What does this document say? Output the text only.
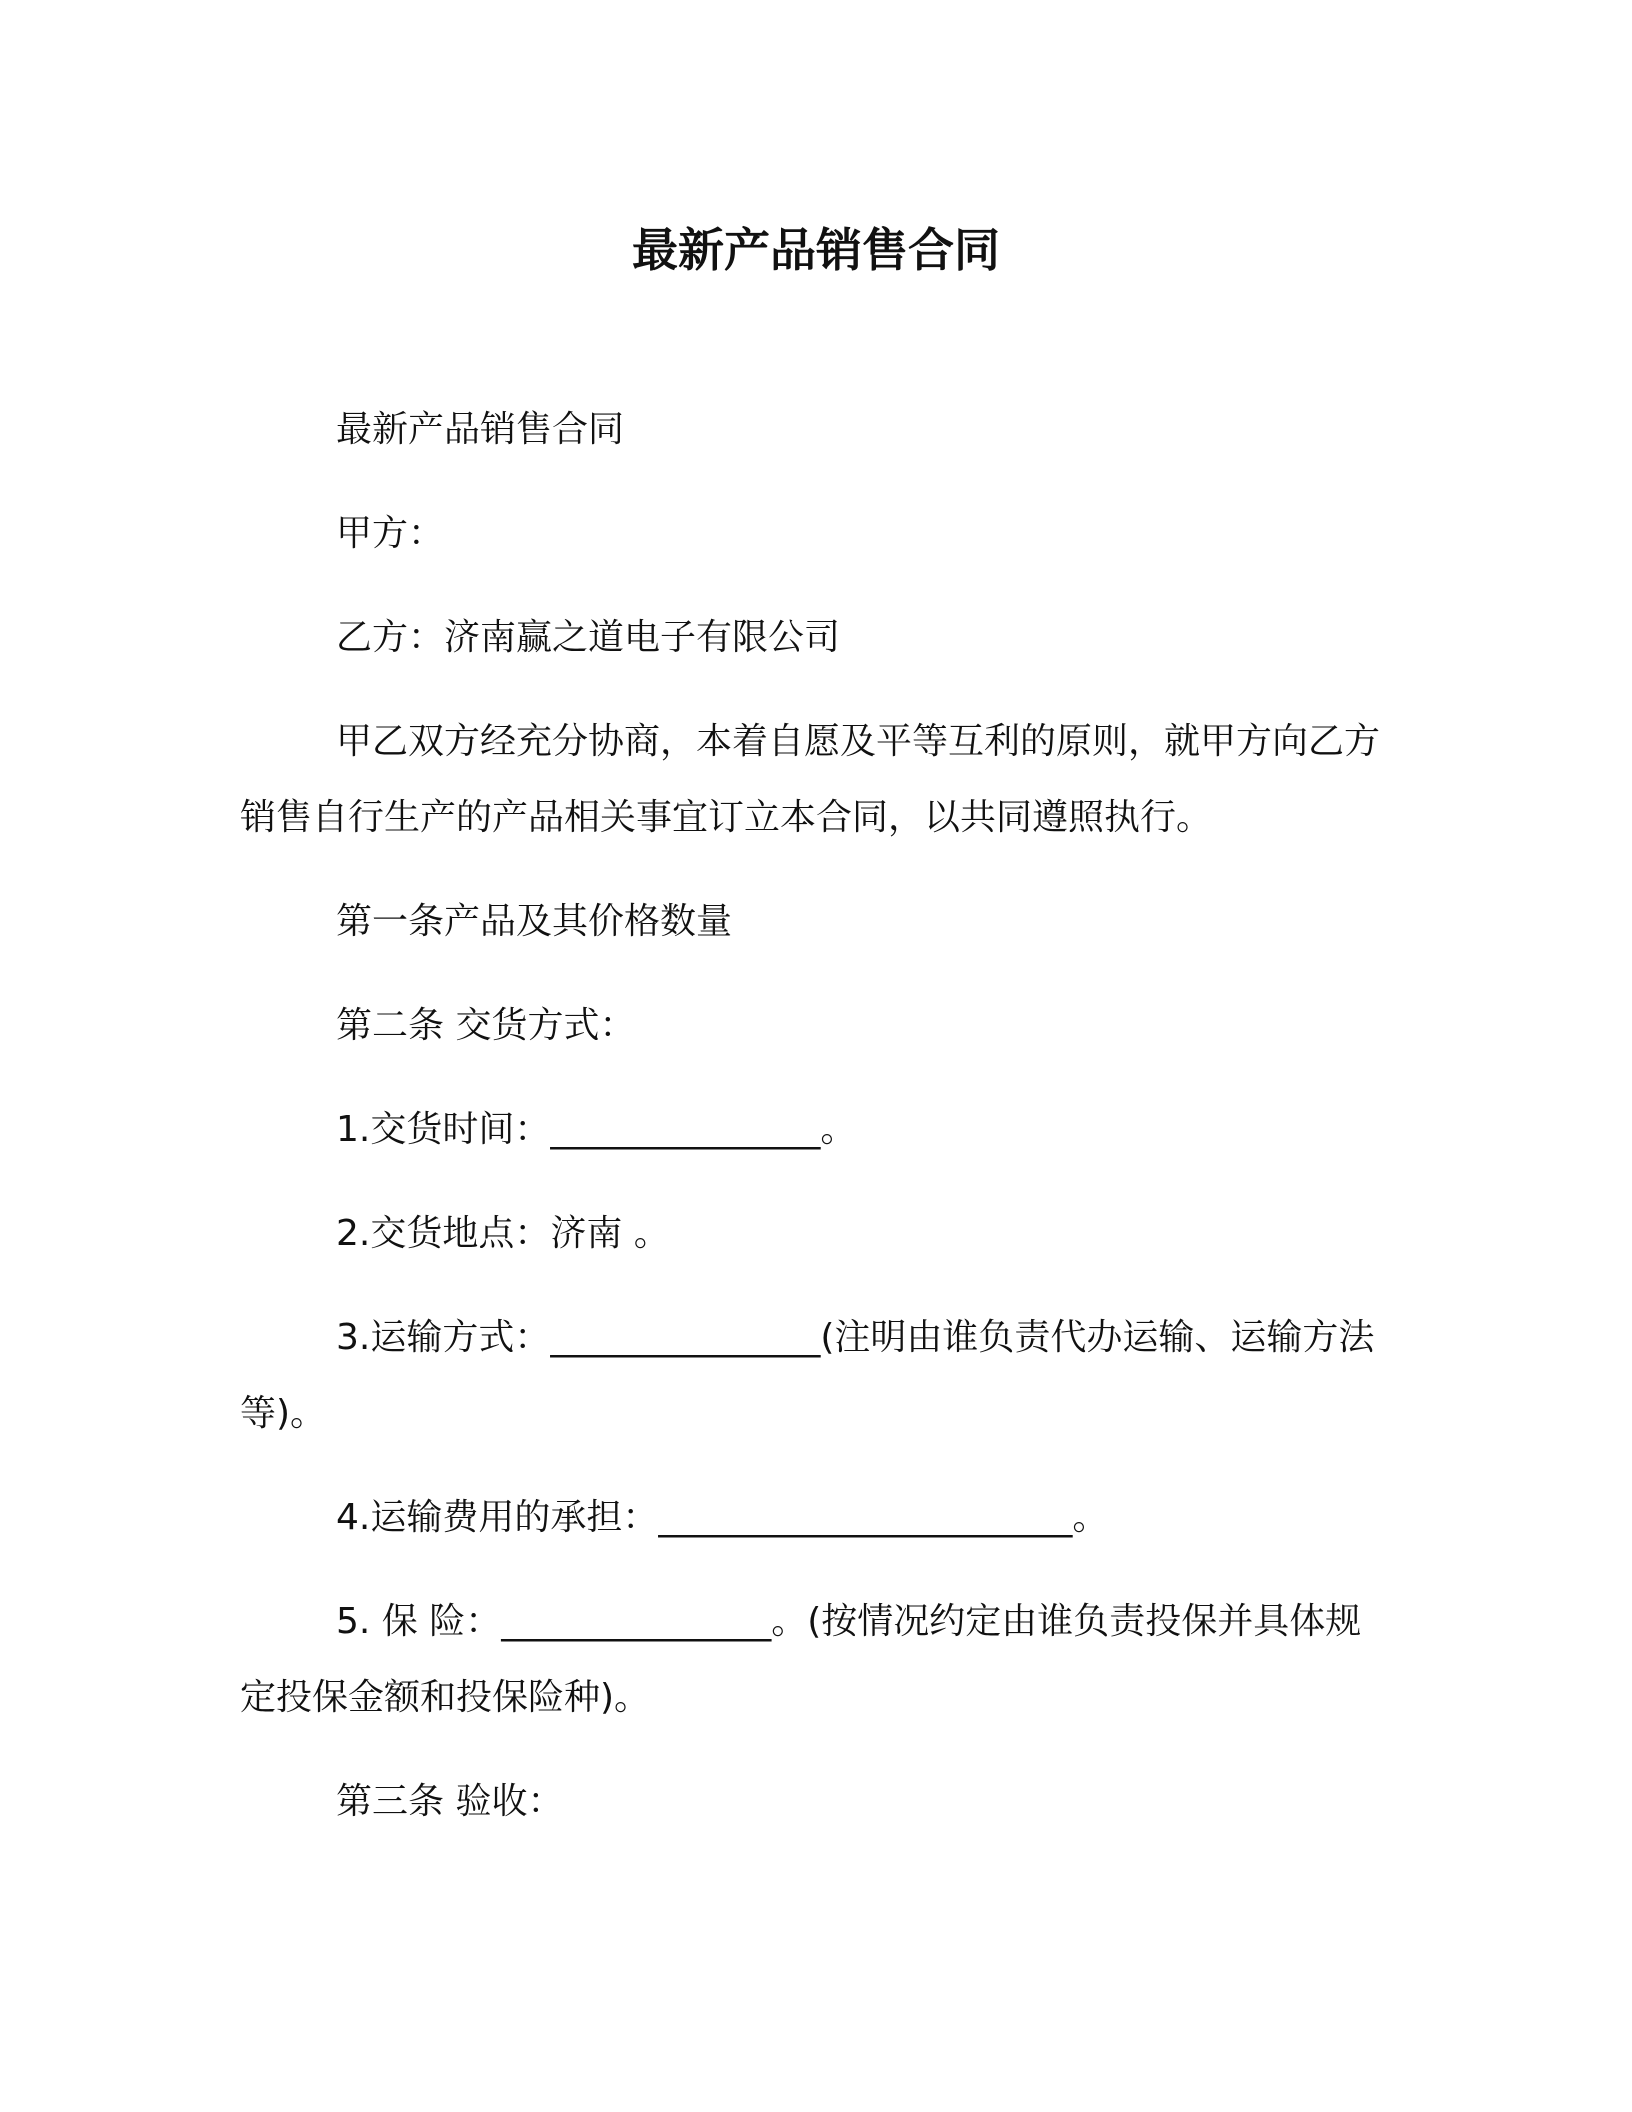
最新产品销售合同

最新产品销售合同

甲方：

乙方：济南赢之道电子有限公司

甲乙双方经充分协商，本着自愿及平等互利的原则，就甲方向乙方销售自行生产的产品相关事宜订立本合同，以共同遵照执行。

第一条产品及其价格数量

第二条 交货方式：

1.交货时间：_______________。

2.交货地点：济南 。

3.运输方式：_______________(注明由谁负责代办运输、运输方法等)。

4.运输费用的承担：_______________________。

5. 保 险：_______________。(按情况约定由谁负责投保并具体规定投保金额和投保险种)。

第三条 验收：
